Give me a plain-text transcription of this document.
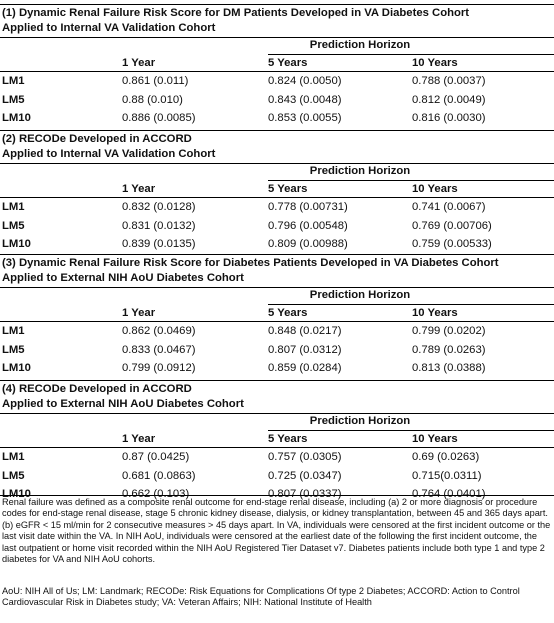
(1) Dynamic Renal Failure Risk Score for DM Patients Developed in VA Diabetes Cohort
Applied to Internal VA Validation Cohort
Prediction Horizon
1 Year	5 Years	10 Years
LM1	0.861 (0.011)	0.824 (0.0050)	0.788 (0.0037)
LM5	0.88 (0.010)	0.843 (0.0048)	0.812 (0.0049)
LM10	0.886 (0.0085)	0.853 (0.0055)	0.816 (0.0030)
(2) RECODe Developed in ACCORD
Applied to Internal VA Validation Cohort
Prediction Horizon
1 Year	5 Years	10 Years
LM1	0.832 (0.0128)	0.778 (0.00731)	0.741 (0.0067)
LM5	0.831 (0.0132)	0.796 (0.00548)	0.769 (0.00706)
LM10	0.839 (0.0135)	0.809 (0.00988)	0.759 (0.00533)
(3) Dynamic Renal Failure Risk Score for Diabetes Patients Developed in VA Diabetes Cohort
Applied to External NIH AoU Diabetes Cohort
Prediction Horizon
1 Year	5 Years	10 Years
LM1	0.862 (0.0469)	0.848 (0.0217)	0.799 (0.0202)
LM5	0.833 (0.0467)	0.807 (0.0312)	0.789 (0.0263)
LM10	0.799 (0.0912)	0.859 (0.0284)	0.813 (0.0388)
(4) RECODe Developed in ACCORD
Applied to External NIH AoU Diabetes Cohort
Prediction Horizon
1 Year	5 Years	10 Years
LM1	0.87 (0.0425)	0.757 (0.0305)	0.69 (0.0263)
LM5	0.681 (0.0863)	0.725 (0.0347)	0.715(0.0311)
LM10	0.662 (0.103)	0.807 (0.0337)	0.764 (0.0401)
Renal failure was defined as a composite renal outcome for end-stage renal disease, including (a) 2 or more diagnosis or procedure codes for end-stage renal disease, stage 5 chronic kidney disease, dialysis, or kidney transplantation, between 45 and 365 days apart. (b) eGFR < 15 ml/min for 2 consecutive measures > 45 days apart. In VA, individuals were censored at the first incident outcome or the last visit date within the VA. In NIH AoU, individuals were censored at the earliest date of the following the first incident outcome, the last outpatient or home visit recorded within the NIH AoU Registered Tier Dataset v7. Diabetes patients include both type 1 and type 2 diabetes for VA and NIH AoU cohorts.
AoU: NIH All of Us; LM: Landmark; RECODe: Risk Equations for Complications Of type 2 Diabetes; ACCORD: Action to Control Cardiovascular Risk in Diabetes study; VA: Veteran Affairs; NIH: National Institute of Health
